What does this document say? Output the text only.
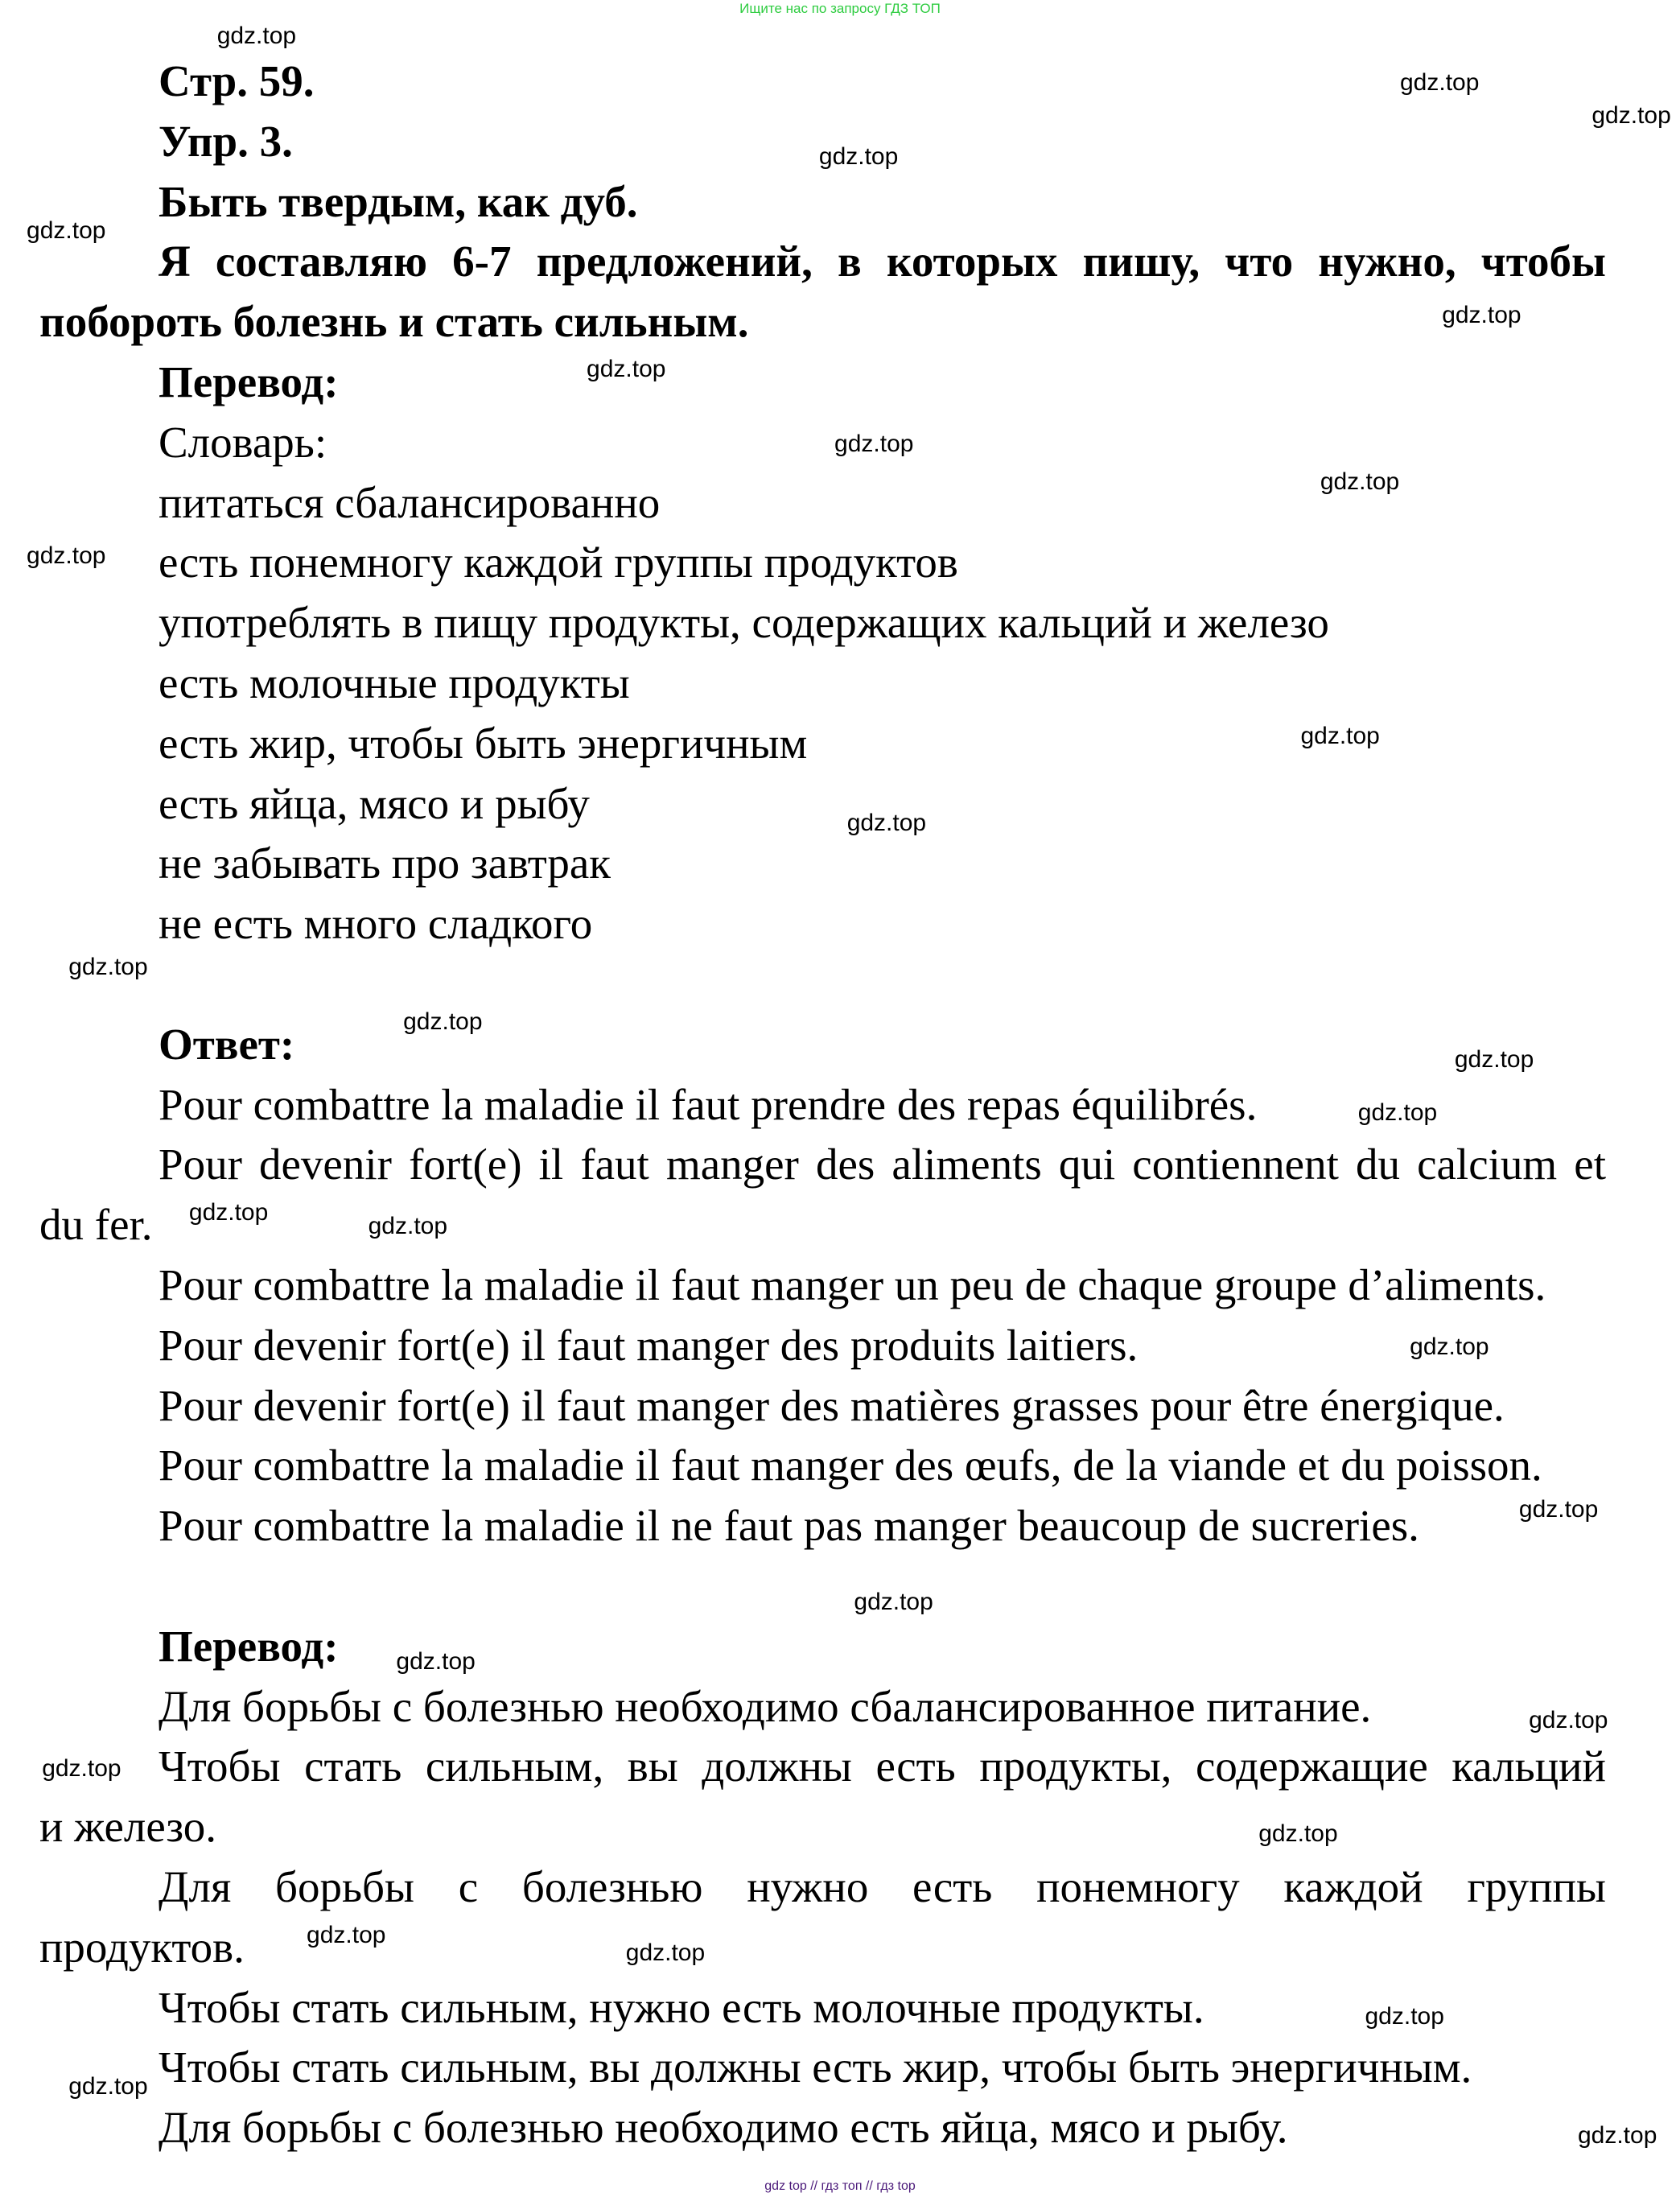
Ищите нас по запросу ГДЗ ТОП
Стр. 59.
Упр. 3.
Быть твердым, как дуб.
Я составляю 6-7 предложений, в которых пишу, что нужно, чтобы
побороть болезнь и стать сильным.
Перевод:
Словарь:
питаться сбалансированно
есть понемногу каждой группы продуктов
употреблять в пищу продукты, содержащих кальций и железо
есть молочные продукты
есть жир, чтобы быть энергичным
есть яйца, мясо и рыбу
не забывать про завтрак
не есть много сладкого
Ответ:
Pour combattre la maladie il faut prendre des repas équilibrés.
Pour devenir fort(e) il faut manger des aliments qui contiennent du calcium et
du fer.
Pour combattre la maladie il faut manger un peu de chaque groupe d’aliments.
Pour devenir fort(e) il faut manger des produits laitiers.
Pour devenir fort(e) il faut manger des matières grasses pour être énergique.
Pour combattre la maladie il faut manger des œufs, de la viande et du poisson.
Pour combattre la maladie il ne faut pas manger beaucoup de sucreries.
Перевод:
Для борьбы с болезнью необходимо сбалансированное питание.
Чтобы стать сильным, вы должны есть продукты, содержащие кальций
и железо.
Для борьбы с болезнью нужно есть понемногу каждой группы
продуктов.
Чтобы стать сильным, нужно есть молочные продукты.
Чтобы стать сильным, вы должны есть жир, чтобы быть энергичным.
Для борьбы с болезнью необходимо есть яйца, мясо и рыбу.
gdz.top
gdz.top
gdz.top
gdz.top
gdz.top
gdz.top
gdz.top
gdz.top
gdz.top
gdz.top
gdz.top
gdz.top
gdz.top
gdz.top
gdz.top
gdz.top
gdz.top
gdz.top
gdz.top
gdz.top
gdz.top
gdz.top
gdz.top
gdz.top
gdz.top
gdz.top
gdz.top
gdz.top
gdz.top
gdz.top
gdz top // гдз топ // гдз top
